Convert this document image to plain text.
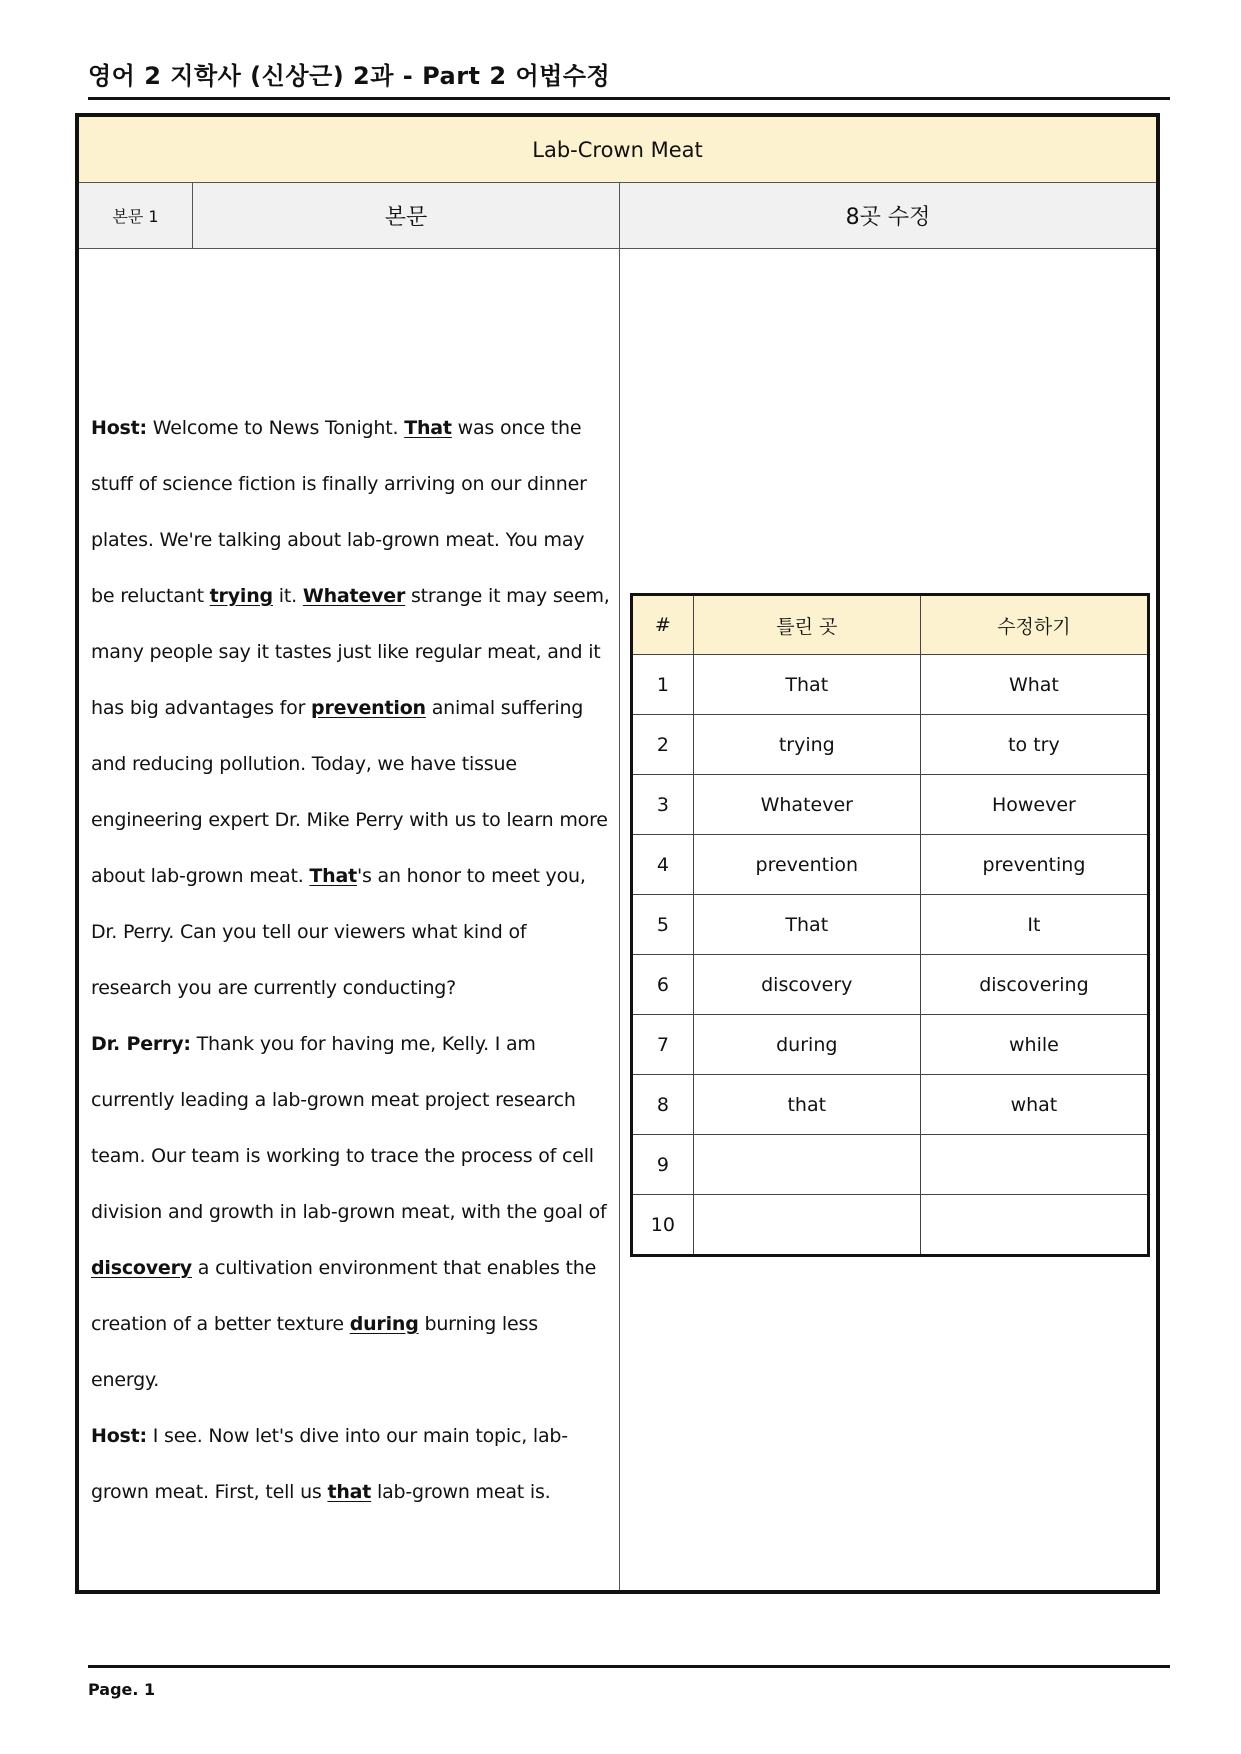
영어 2 지학사 (신상근) 2과 - Part 2 어법수정
Lab-Crown Meat
본문 1	본문	8곳 수정

Host: Welcome to News Tonight. That was once the stuff of science fiction is finally arriving on our dinner plates. We're talking about lab-grown meat. You may be reluctant trying it. Whatever strange it may seem, many people say it tastes just like regular meat, and it has big advantages for prevention animal suffering and reducing pollution. Today, we have tissue engineering expert Dr. Mike Perry with us to learn more about lab-grown meat. That's an honor to meet you, Dr. Perry. Can you tell our viewers what kind of research you are currently conducting?

Dr. Perry: Thank you for having me, Kelly. I am currently leading a lab-grown meat project research team. Our team is working to trace the process of cell division and growth in lab-grown meat, with the goal of discovery a cultivation environment that enables the creation of a better texture during burning less energy.

Host: I see. Now let's dive into our main topic, lab-grown meat. First, tell us that lab-grown meat is.

#	틀린 곳	수정하기
1	That	What
2	trying	to try
3	Whatever	However
4	prevention	preventing
5	That	It
6	discovery	discovering
7	during	while
8	that	what
9		
10		
Page. 1
